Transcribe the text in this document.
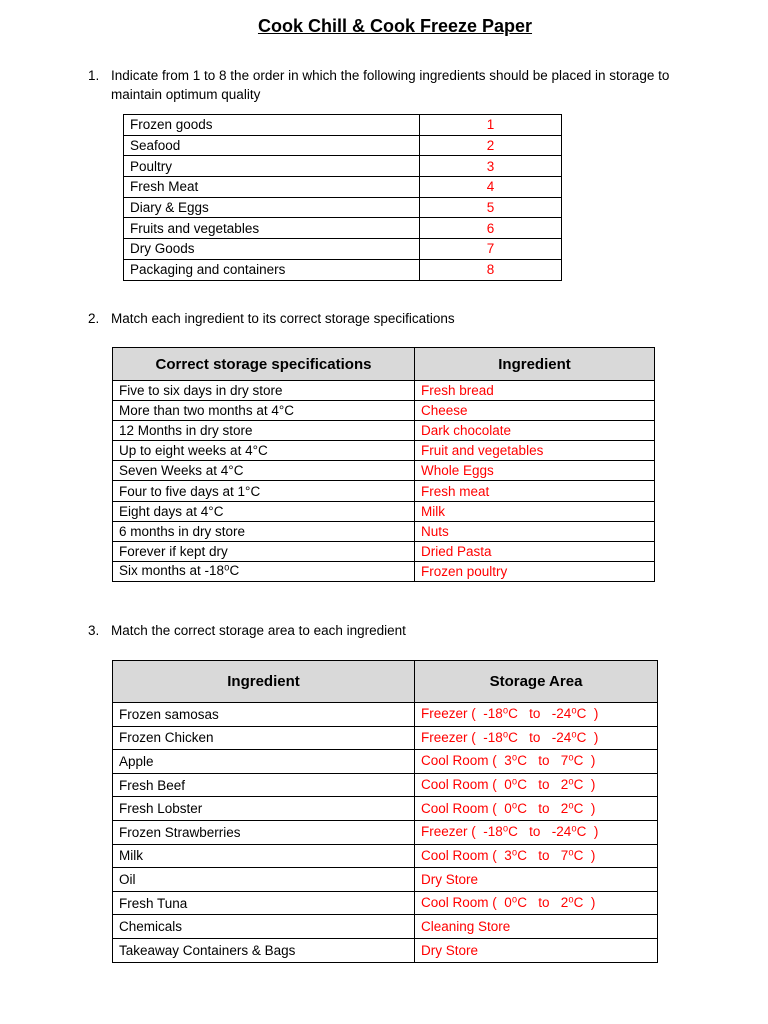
Cook Chill & Cook Freeze Paper
1. Indicate from 1 to 8 the order in which the following ingredients should be placed in storage to maintain optimum quality
Frozen goods	1
Seafood	2
Poultry	3
Fresh Meat	4
Diary & Eggs	5
Fruits and vegetables	6
Dry Goods	7
Packaging and containers	8
2. Match each ingredient to its correct storage specifications
Correct storage specifications	Ingredient
Five to six days in dry store	Fresh bread
More than two months at 4°C	Cheese
12 Months in dry store	Dark chocolate
Up to eight weeks at 4°C	Fruit and vegetables
Seven Weeks at 4°C	Whole Eggs
Four to five days at 1°C	Fresh meat
Eight days at 4°C	Milk
6 months in dry store	Nuts
Forever if kept dry	Dried Pasta
Six months at -18⁰C	Frozen poultry
3. Match the correct storage area to each ingredient
Ingredient	Storage Area
Frozen samosas	Freezer (  -18⁰C   to   -24⁰C  )
Frozen Chicken	Freezer (  -18⁰C   to   -24⁰C  )
Apple	Cool Room (  3⁰C   to   7⁰C  )
Fresh Beef	Cool Room (  0⁰C   to   2⁰C  )
Fresh Lobster	Cool Room (  0⁰C   to   2⁰C  )
Frozen Strawberries	Freezer (  -18⁰C   to   -24⁰C  )
Milk	Cool Room (  3⁰C   to   7⁰C  )
Oil	Dry Store
Fresh Tuna	Cool Room (  0⁰C   to   2⁰C  )
Chemicals	Cleaning Store
Takeaway Containers & Bags	Dry Store
